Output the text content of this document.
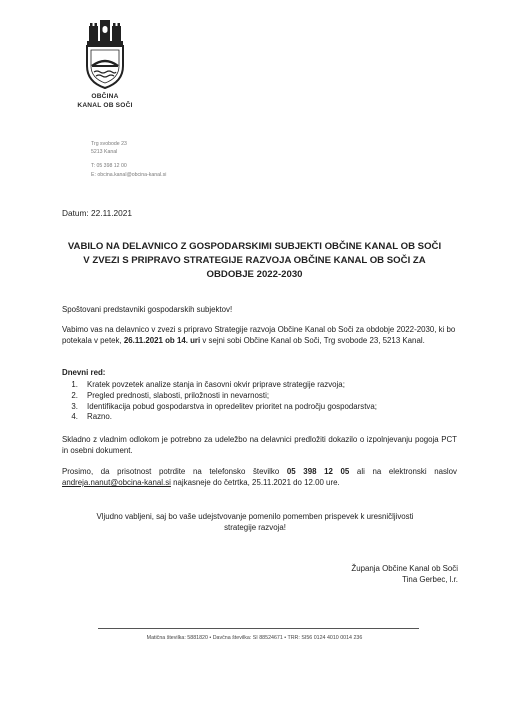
OBČINA
KANAL OB SOČI
Trg svobode 23
5213 Kanal
T: 05 398 12 00
E: obcina.kanal@obcina-kanal.si
Datum: 22.11.2021
VABILO NA DELAVNICO Z GOSPODARSKIMI SUBJEKTI OBČINE KANAL OB SOČI
V ZVEZI S PRIPRAVO STRATEGIJE RAZVOJA OBČINE KANAL OB SOČI ZA
OBDOBJE 2022-2030
Spoštovani predstavniki gospodarskih subjektov!
Vabimo vas na delavnico v zvezi s pripravo Strategije razvoja Občine Kanal ob Soči za obdobje 2022-2030, ki bo potekala v petek, 26.11.2021 ob 14. uri v sejni sobi Občine Kanal ob Soči, Trg svobode 23, 5213 Kanal.
Dnevni red:
1. Kratek povzetek analize stanja in časovni okvir priprave strategije razvoja;
2. Pregled prednosti, slabosti, priložnosti in nevarnosti;
3. Identifikacija pobud gospodarstva in opredelitev prioritet na področju gospodarstva;
4. Razno.
Skladno z vladnim odlokom je potrebno za udeležbo na delavnici predložiti dokazilo o izpolnjevanju pogoja PCT in osebni dokument.
Prosimo, da prisotnost potrdite na telefonsko številko 05 398 12 05 ali na elektronski naslov andreja.nanut@obcina-kanal.si najkasneje do četrtka, 25.11.2021 do 12.00 ure.
Vljudno vabljeni, saj bo vaše udejstvovanje pomenilo pomemben prispevek k uresničljivosti
strategije razvoja!
Županja Občine Kanal ob Soči
Tina Gerbec, l.r.
Matična številka: 5881820 • Davčna številka: SI 88524671 • TRR: SI56 0124 4010 0014 236
